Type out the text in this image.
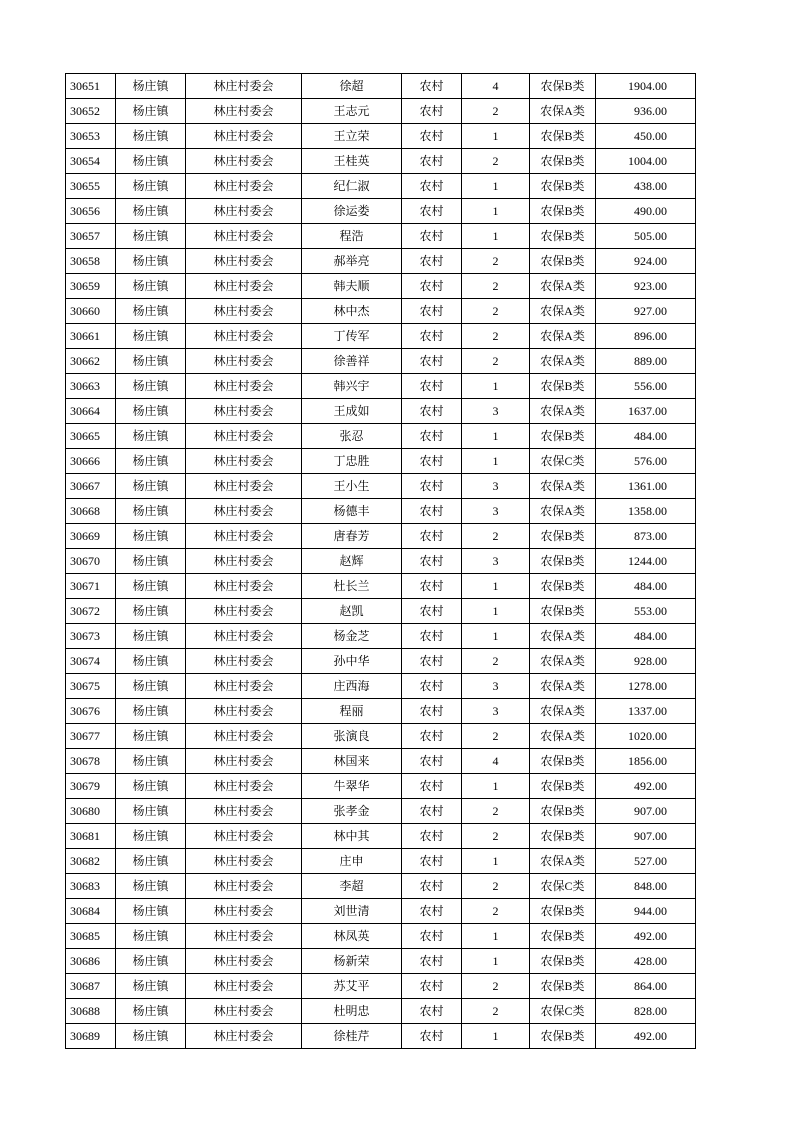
30651	杨庄镇	林庄村委会	徐超	农村	4	农保B类	1904.00
30652	杨庄镇	林庄村委会	王志元	农村	2	农保A类	936.00
30653	杨庄镇	林庄村委会	王立荣	农村	1	农保B类	450.00
30654	杨庄镇	林庄村委会	王桂英	农村	2	农保B类	1004.00
30655	杨庄镇	林庄村委会	纪仁淑	农村	1	农保B类	438.00
30656	杨庄镇	林庄村委会	徐运娄	农村	1	农保B类	490.00
30657	杨庄镇	林庄村委会	程浩	农村	1	农保B类	505.00
30658	杨庄镇	林庄村委会	郝举亮	农村	2	农保B类	924.00
30659	杨庄镇	林庄村委会	韩夫顺	农村	2	农保A类	923.00
30660	杨庄镇	林庄村委会	林中杰	农村	2	农保A类	927.00
30661	杨庄镇	林庄村委会	丁传军	农村	2	农保A类	896.00
30662	杨庄镇	林庄村委会	徐善祥	农村	2	农保A类	889.00
30663	杨庄镇	林庄村委会	韩兴宇	农村	1	农保B类	556.00
30664	杨庄镇	林庄村委会	王成如	农村	3	农保A类	1637.00
30665	杨庄镇	林庄村委会	张忍	农村	1	农保B类	484.00
30666	杨庄镇	林庄村委会	丁忠胜	农村	1	农保C类	576.00
30667	杨庄镇	林庄村委会	王小生	农村	3	农保A类	1361.00
30668	杨庄镇	林庄村委会	杨德丰	农村	3	农保A类	1358.00
30669	杨庄镇	林庄村委会	唐春芳	农村	2	农保B类	873.00
30670	杨庄镇	林庄村委会	赵辉	农村	3	农保B类	1244.00
30671	杨庄镇	林庄村委会	杜长兰	农村	1	农保B类	484.00
30672	杨庄镇	林庄村委会	赵凯	农村	1	农保B类	553.00
30673	杨庄镇	林庄村委会	杨金芝	农村	1	农保A类	484.00
30674	杨庄镇	林庄村委会	孙中华	农村	2	农保A类	928.00
30675	杨庄镇	林庄村委会	庄西海	农村	3	农保A类	1278.00
30676	杨庄镇	林庄村委会	程丽	农村	3	农保A类	1337.00
30677	杨庄镇	林庄村委会	张演良	农村	2	农保A类	1020.00
30678	杨庄镇	林庄村委会	林国来	农村	4	农保B类	1856.00
30679	杨庄镇	林庄村委会	牛翠华	农村	1	农保B类	492.00
30680	杨庄镇	林庄村委会	张孝金	农村	2	农保B类	907.00
30681	杨庄镇	林庄村委会	林中其	农村	2	农保B类	907.00
30682	杨庄镇	林庄村委会	庄申	农村	1	农保A类	527.00
30683	杨庄镇	林庄村委会	李超	农村	2	农保C类	848.00
30684	杨庄镇	林庄村委会	刘世清	农村	2	农保B类	944.00
30685	杨庄镇	林庄村委会	林凤英	农村	1	农保B类	492.00
30686	杨庄镇	林庄村委会	杨新荣	农村	1	农保B类	428.00
30687	杨庄镇	林庄村委会	苏艾平	农村	2	农保B类	864.00
30688	杨庄镇	林庄村委会	杜明忠	农村	2	农保C类	828.00
30689	杨庄镇	林庄村委会	徐桂芹	农村	1	农保B类	492.00
